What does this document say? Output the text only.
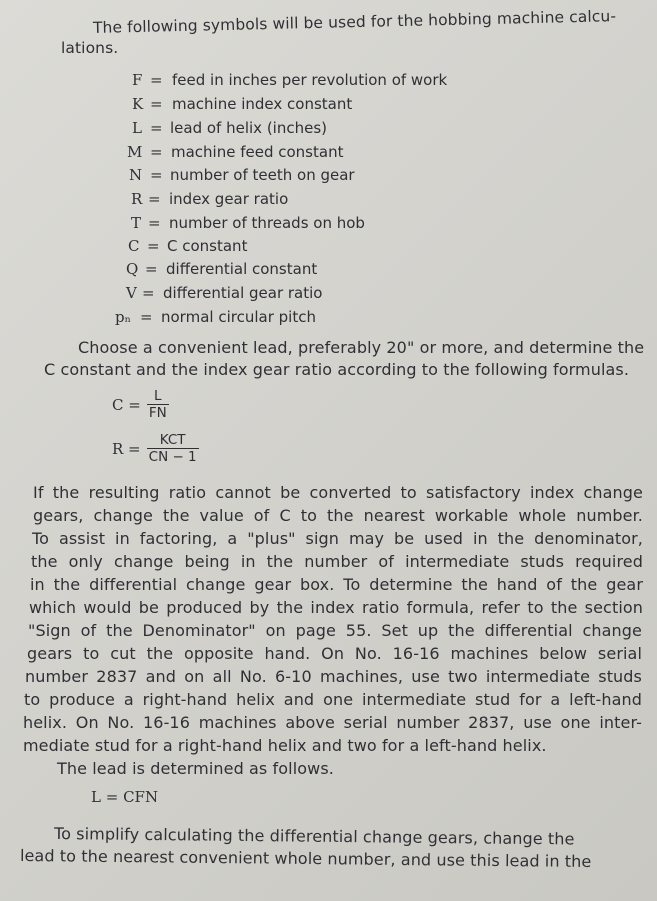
The following symbols will be used for the hobbing machine calcu-
lations.
F = feed in inches per revolution of work
K = machine index constant
L = lead of helix (inches)
M = machine feed constant
N = number of teeth on gear
R = index gear ratio
T = number of threads on hob
C = C constant
Q = differential constant
V = differential gear ratio
pₙ = normal circular pitch
Choose a convenient lead, preferably 20" or more, and determine the
C constant and the index gear ratio according to the following formulas.
$C = \frac{L}{FN}$
$R = \frac{\text{KCT}}{CN - 1}$
If the resulting ratio cannot be converted to satisfactory index change
gears, change the value of C to the nearest workable whole number.
To assist in factoring, a "plus" sign may be used in the denominator,
the only change being in the number of intermediate studs required
in the differential change gear box. To determine the hand of the gear
which would be produced by the index ratio formula, refer to the section
"Sign of the Denominator" on page 55. Set up the differential change
gears to cut the opposite hand. On No. 16-16 machines below serial
number 2837 and on all No. 6-10 machines, use two intermediate studs
to produce a right-hand helix and one intermediate stud for a left-hand
helix. On No. 16-16 machines above serial number 2837, use one inter-
mediate stud for a right-hand helix and two for a left-hand helix.
The lead is determined as follows.
L = CFN
To simplify calculating the differential change gears, change the
lead to the nearest convenient whole number, and use this lead in the
